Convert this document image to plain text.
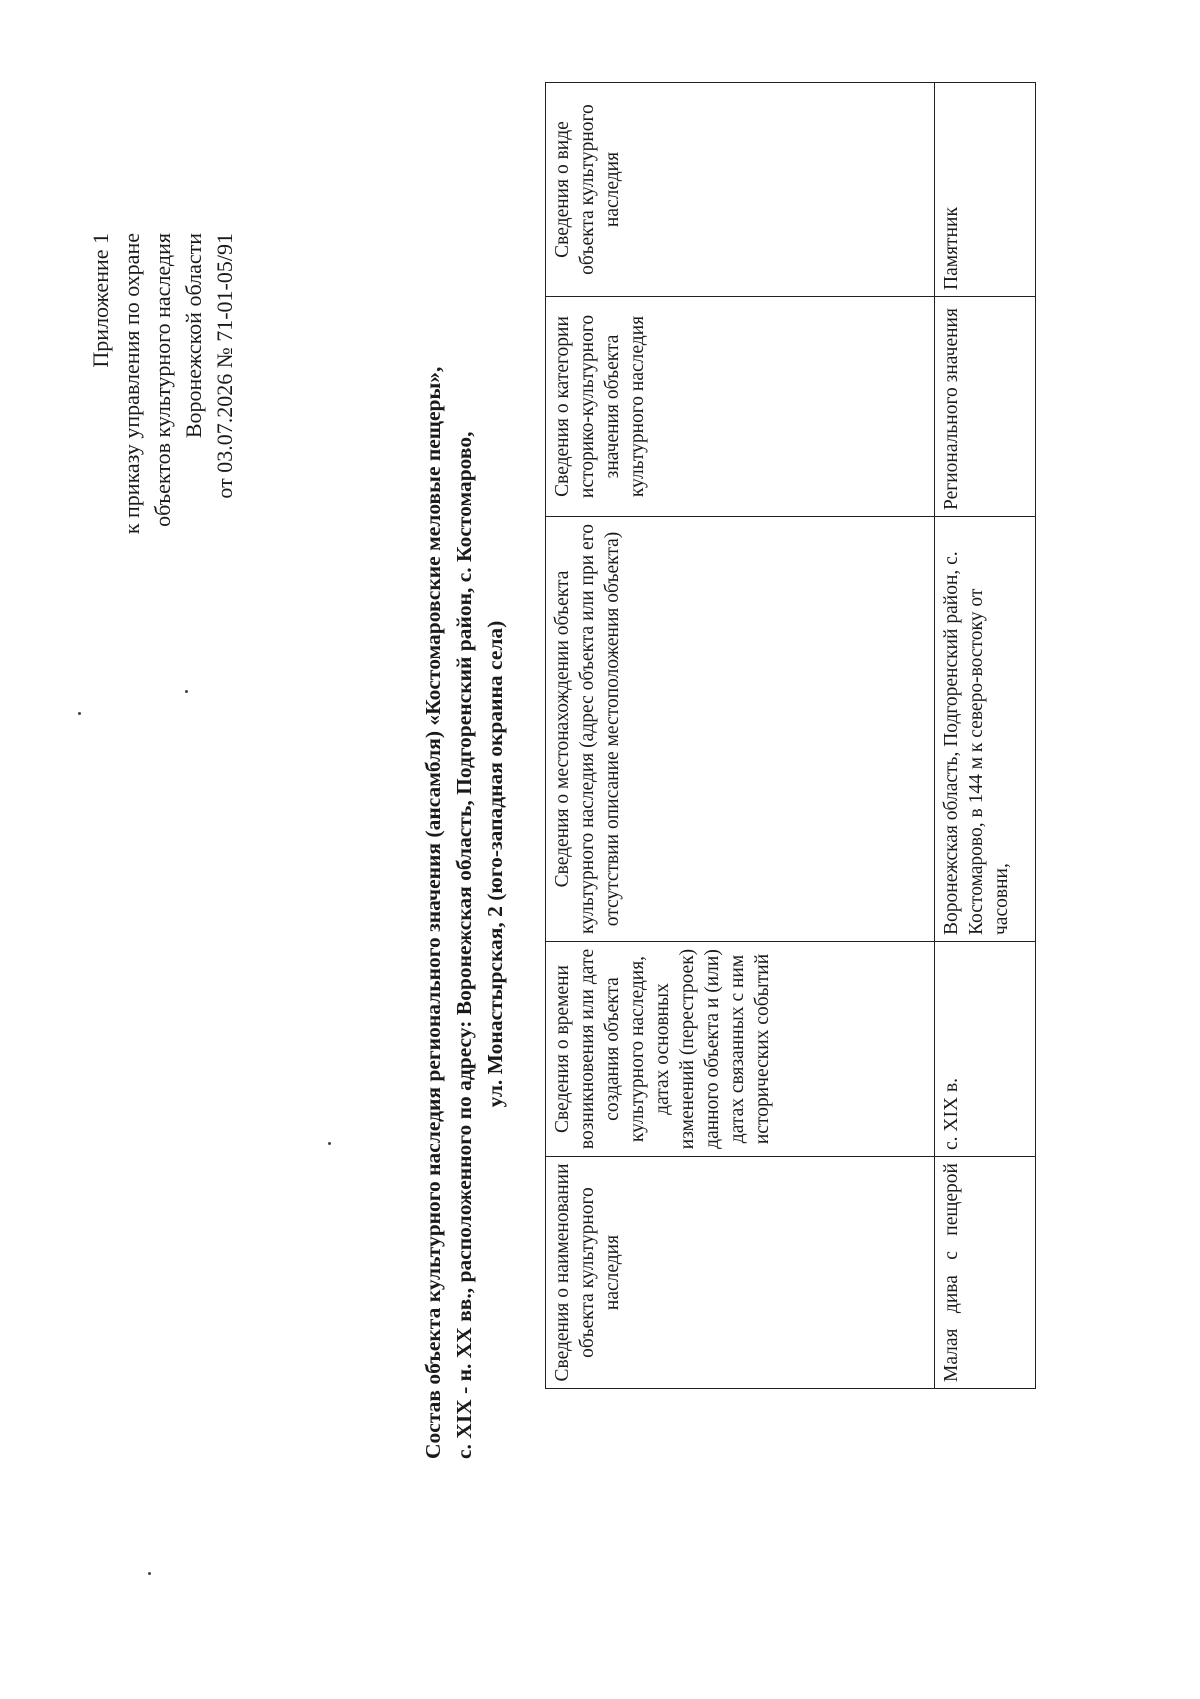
Приложение 1 к приказу управления по охране объектов культурного наследия Воронежской области от 03.07.2026 № 71-01-05/91
Состав объекта культурного наследия регионального значения (ансамбля) «Костомаровские меловые пещеры», с. XIX - н. XX вв., расположенного по адресу: Воронежская область, Подгоренский район, с. Костомарово, ул. Монастырская, 2 (юго-западная окраина села)
Сведения о наименовании объекта культурного наследия	Сведения о времени возникновения или дате создания объекта культурного наследия, датах основных изменений (перестроек) данного объекта и (или) датах связанных с ним исторических событий	Сведения о местонахождении объекта культурного наследия (адрес объекта или при его отсутствии описание местоположения объекта)	Сведения о категории историко-культурного значения объекта культурного наследия	Сведения о виде объекта культурного наследия
Малая дива с пещерой	с. XIX в.	Воронежская область, Подгоренский район, с. Костомарово, в 144 м к северо-востоку от часовни,	Регионального значения	Памятник
